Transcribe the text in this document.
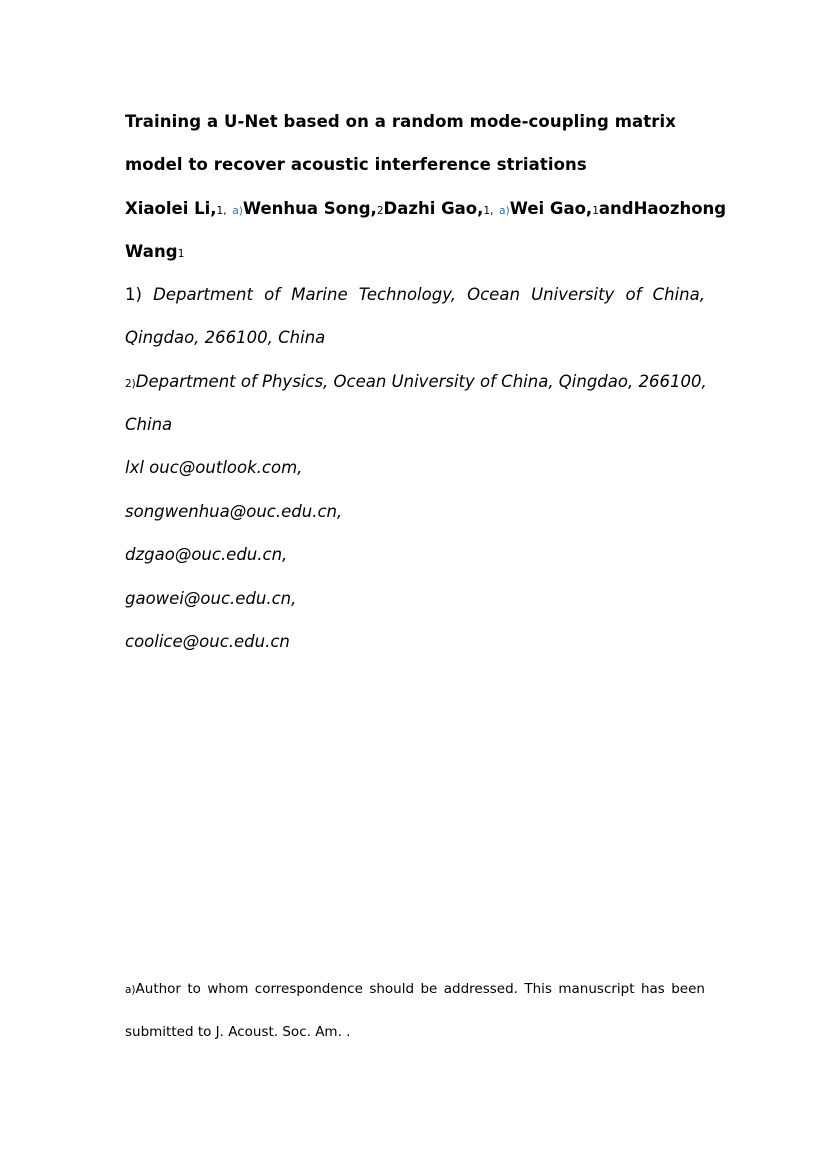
Training a U-Net based on a random mode-coupling matrix
model to recover acoustic interference striations
Xiaolei Li,1, a) Wenhua Song,2 Dazhi Gao,1, a) Wei Gao,1 and Haozhong
Wang1
1) Department of Marine Technology, Ocean University of China,
Qingdao, 266100, China
2)Department of Physics, Ocean University of China, Qingdao, 266100,
China
lxl ouc@outlook.com,
songwenhua@ouc.edu.cn,
dzgao@ouc.edu.cn,
gaowei@ouc.edu.cn,
coolice@ouc.edu.cn
a)Author to whom correspondence should be addressed. This manuscript has been
submitted to J. Acoust. Soc. Am. .
